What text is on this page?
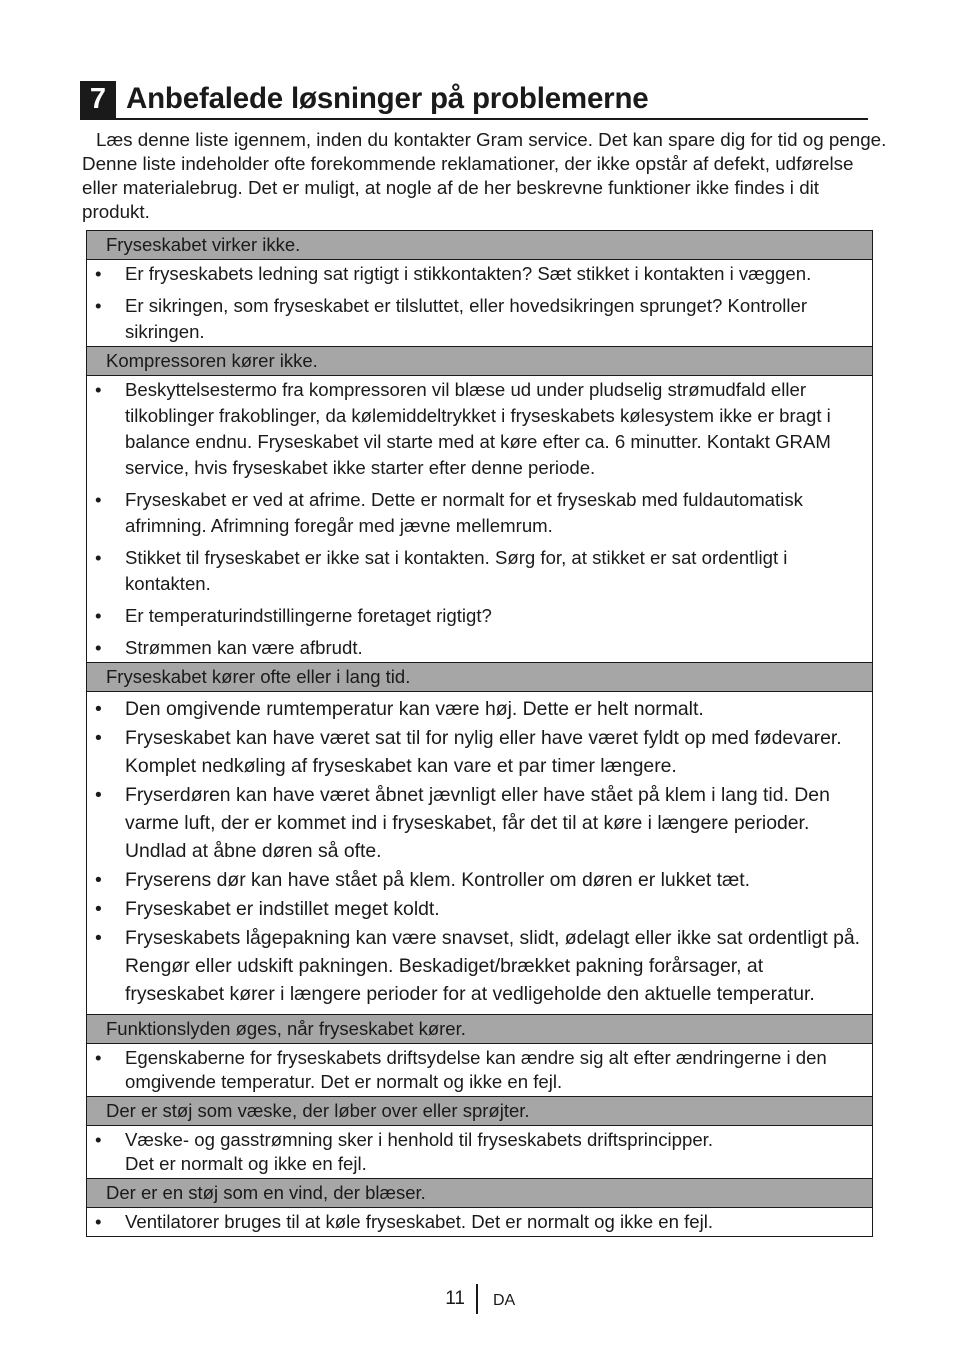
7 Anbefalede løsninger på problemerne

Læs denne liste igennem, inden du kontakter Gram service. Det kan spare dig for tid og penge. Denne liste indeholder ofte forekommende reklamationer, der ikke opstår af defekt, udførelse eller materialebrug. Det er muligt, at nogle af de her beskrevne funktioner ikke findes i dit produkt.

Fryseskabet virker ikke.

• Er fryseskabets ledning sat rigtigt i stikkontakten? Sæt stikket i kontakten i væggen.
• Er sikringen, som fryseskabet er tilsluttet, eller hovedsikringen sprunget? Kontroller sikringen.

Kompressoren kører ikke.

• Beskyttelsestermo fra kompressoren vil blæse ud under pludselig strømudfald eller tilkoblinger frakoblinger, da kølemiddeltrykket i fryseskabets kølesystem ikke er bragt i balance endnu. Fryseskabet vil starte med at køre efter ca. 6 minutter. Kontakt GRAM service, hvis fryseskabet ikke starter efter denne periode.
• Fryseskabet er ved at afrime. Dette er normalt for et fryseskab med fuldautomatisk afrimning. Afrimning foregår med jævne mellemrum.
• Stikket til fryseskabet er ikke sat i kontakten. Sørg for, at stikket er sat ordentligt i kontakten.
• Er temperaturindstillingerne foretaget rigtigt?
• Strømmen kan være afbrudt.

Fryseskabet kører ofte eller i lang tid.

• Den omgivende rumtemperatur kan være høj. Dette er helt normalt.
• Fryseskabet kan have været sat til for nylig eller have været fyldt op med fødevarer. Komplet nedkøling af fryseskabet kan vare et par timer længere.
• Fryserdøren kan have været åbnet jævnligt eller have stået på klem i lang tid. Den varme luft, der er kommet ind i fryseskabet, får det til at køre i længere perioder. Undlad at åbne døren så ofte.
• Fryserens dør kan have stået på klem. Kontroller om døren er lukket tæt.
• Fryseskabet er indstillet meget koldt.
• Fryseskabets lågepakning kan være snavset, slidt, ødelagt eller ikke sat ordentligt på. Rengør eller udskift pakningen. Beskadiget/brækket pakning forårsager, at fryseskabet kører i længere perioder for at vedligeholde den aktuelle temperatur.

Funktionslyden øges, når fryseskabet kører.

• Egenskaberne for fryseskabets driftsydelse kan ændre sig alt efter ændringerne i den omgivende temperatur. Det er normalt og ikke en fejl.

Der er støj som væske, der løber over eller sprøjter.

• Væske- og gasstrømning sker i henhold til fryseskabets driftsprincipper.
Det er normalt og ikke en fejl.

Der er en støj som en vind, der blæser.

• Ventilatorer bruges til at køle fryseskabet. Det er normalt og ikke en fejl.
11 DA
